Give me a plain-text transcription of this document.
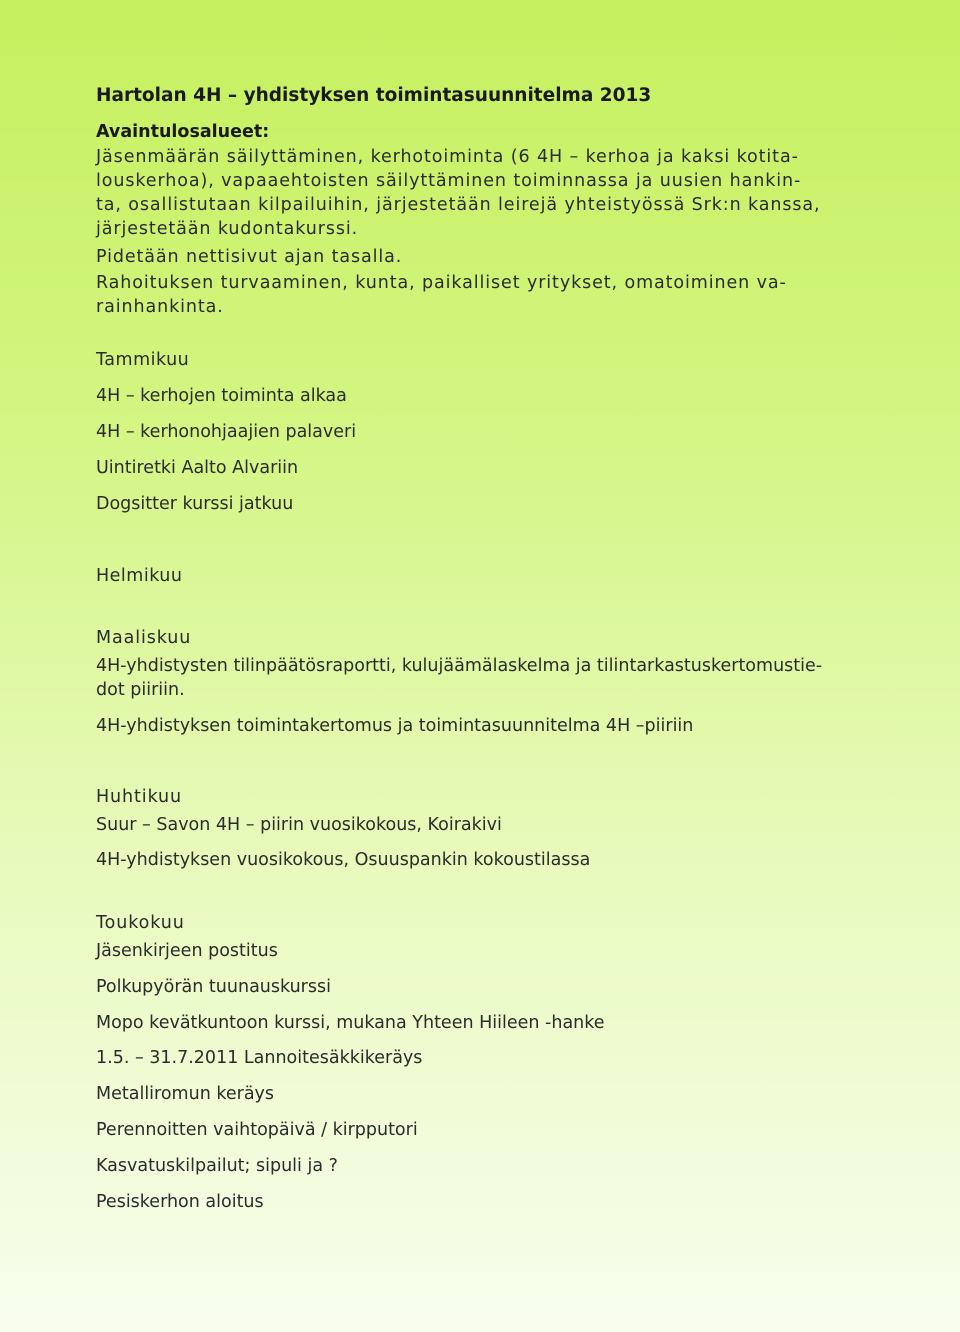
Hartolan 4H – yhdistyksen toimintasuunnitelma 2013

Avaintulosalueet:

Jäsenmäärän säilyttäminen, kerhotoiminta (6 4H – kerhoa ja kaksi kotita-

louskerhoa), vapaaehtoisten säilyttäminen toiminnassa ja uusien hankin-

ta, osallistutaan kilpailuihin, järjestetään leirejä yhteistyössä Srk:n kanssa,

järjestetään kudontakurssi.

Pidetään nettisivut ajan tasalla.

Rahoituksen turvaaminen, kunta, paikalliset yritykset, omatoiminen va-

rainhankinta.

Tammikuu

4H – kerhojen toiminta alkaa

4H – kerhonohjaajien palaveri

Uintiretki Aalto Alvariin

Dogsitter kurssi jatkuu

Helmikuu

Maaliskuu

4H-yhdistysten tilinpäätösraportti, kulujäämälaskelma ja tilintarkastuskertomustie-

dot piiriin.

4H-yhdistyksen toimintakertomus ja toimintasuunnitelma 4H –piiriin

Huhtikuu

Suur – Savon 4H – piirin vuosikokous, Koirakivi

4H-yhdistyksen vuosikokous, Osuuspankin kokoustilassa

Toukokuu

Jäsenkirjeen postitus

Polkupyörän tuunauskurssi

Mopo kevätkuntoon kurssi, mukana Yhteen Hiileen -hanke

1.5. – 31.7.2011 Lannoitesäkkikeräys

Metalliromun keräys

Perennoitten vaihtopäivä / kirpputori

Kasvatuskilpailut; sipuli ja ?

Pesiskerhon aloitus
